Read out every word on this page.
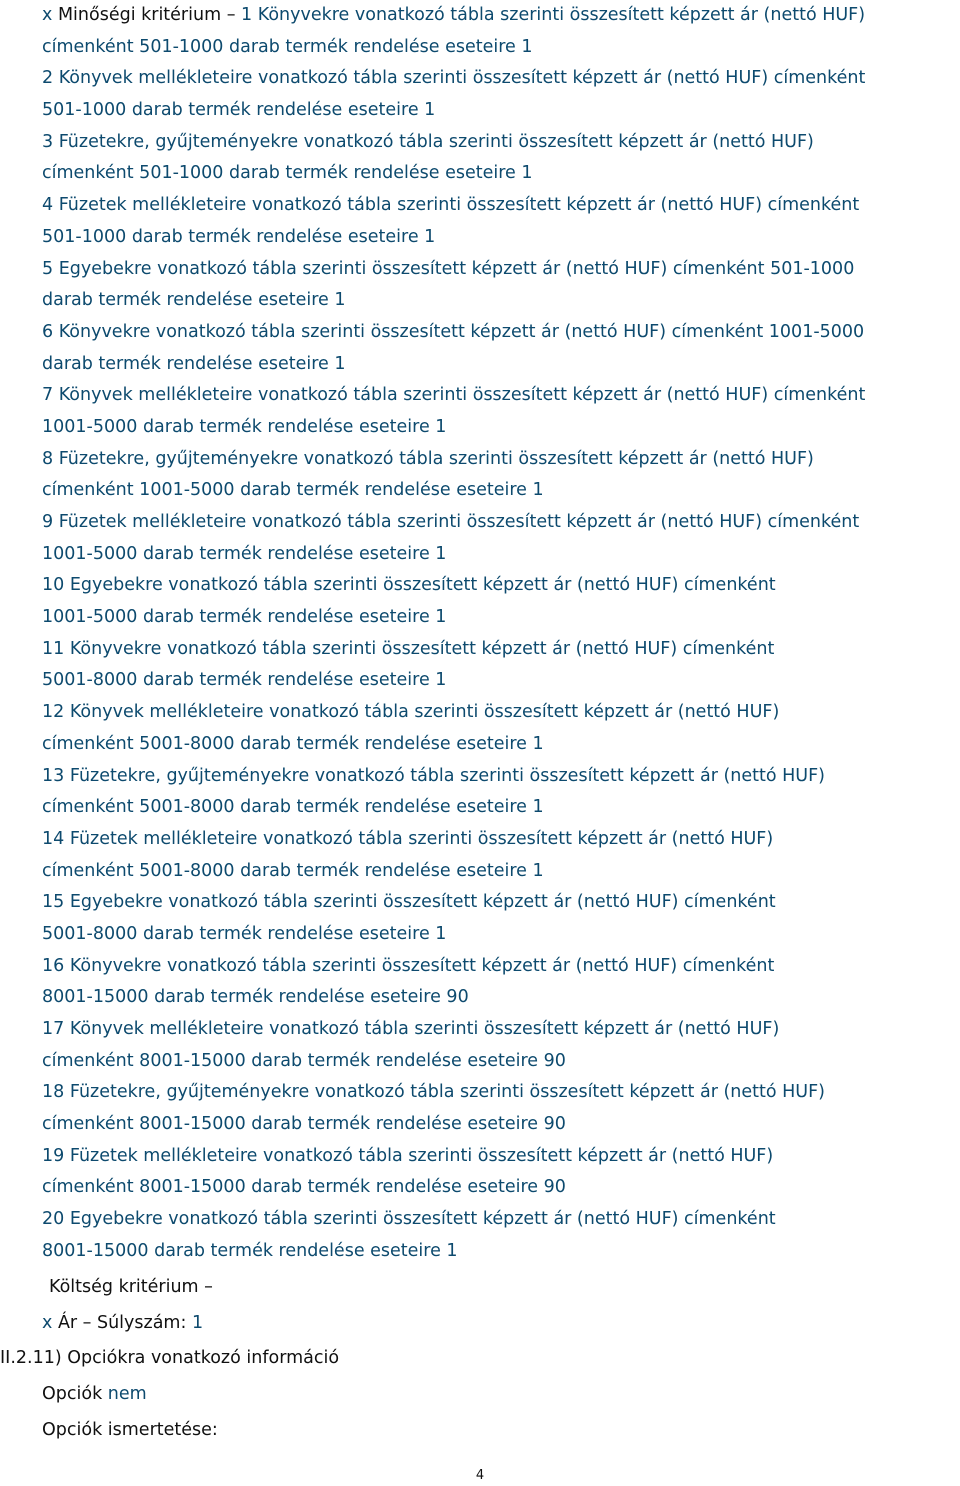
x Minőségi kritérium – 1 Könyvekre vonatkozó tábla szerinti összesített képzett ár (nettó HUF)
címenként 501-1000 darab termék rendelése eseteire 1
2 Könyvek mellékleteire vonatkozó tábla szerinti összesített képzett ár (nettó HUF) címenként
501-1000 darab termék rendelése eseteire 1
3 Füzetekre, gyűjteményekre vonatkozó tábla szerinti összesített képzett ár (nettó HUF)
címenként 501-1000 darab termék rendelése eseteire 1
4 Füzetek mellékleteire vonatkozó tábla szerinti összesített képzett ár (nettó HUF) címenként
501-1000 darab termék rendelése eseteire 1
5 Egyebekre vonatkozó tábla szerinti összesített képzett ár (nettó HUF) címenként 501-1000
darab termék rendelése eseteire 1
6 Könyvekre vonatkozó tábla szerinti összesített képzett ár (nettó HUF) címenként 1001-5000
darab termék rendelése eseteire 1
7 Könyvek mellékleteire vonatkozó tábla szerinti összesített képzett ár (nettó HUF) címenként
1001-5000 darab termék rendelése eseteire 1
8 Füzetekre, gyűjteményekre vonatkozó tábla szerinti összesített képzett ár (nettó HUF)
címenként 1001-5000 darab termék rendelése eseteire 1
9 Füzetek mellékleteire vonatkozó tábla szerinti összesített képzett ár (nettó HUF) címenként
1001-5000 darab termék rendelése eseteire 1
10 Egyebekre vonatkozó tábla szerinti összesített képzett ár (nettó HUF) címenként
1001-5000 darab termék rendelése eseteire 1
11 Könyvekre vonatkozó tábla szerinti összesített képzett ár (nettó HUF) címenként
5001-8000 darab termék rendelése eseteire 1
12 Könyvek mellékleteire vonatkozó tábla szerinti összesített képzett ár (nettó HUF)
címenként 5001-8000 darab termék rendelése eseteire 1
13 Füzetekre, gyűjteményekre vonatkozó tábla szerinti összesített képzett ár (nettó HUF)
címenként 5001-8000 darab termék rendelése eseteire 1
14 Füzetek mellékleteire vonatkozó tábla szerinti összesített képzett ár (nettó HUF)
címenként 5001-8000 darab termék rendelése eseteire 1
15 Egyebekre vonatkozó tábla szerinti összesített képzett ár (nettó HUF) címenként
5001-8000 darab termék rendelése eseteire 1
16 Könyvekre vonatkozó tábla szerinti összesített képzett ár (nettó HUF) címenként
8001-15000 darab termék rendelése eseteire 90
17 Könyvek mellékleteire vonatkozó tábla szerinti összesített képzett ár (nettó HUF)
címenként 8001-15000 darab termék rendelése eseteire 90
18 Füzetekre, gyűjteményekre vonatkozó tábla szerinti összesített képzett ár (nettó HUF)
címenként 8001-15000 darab termék rendelése eseteire 90
19 Füzetek mellékleteire vonatkozó tábla szerinti összesített képzett ár (nettó HUF)
címenként 8001-15000 darab termék rendelése eseteire 90
20 Egyebekre vonatkozó tábla szerinti összesített képzett ár (nettó HUF) címenként
8001-15000 darab termék rendelése eseteire 1
Költség kritérium –
x Ár – Súlyszám: 1
II.2.11) Opciókra vonatkozó információ
Opciók nem
Opciók ismertetése:
4
